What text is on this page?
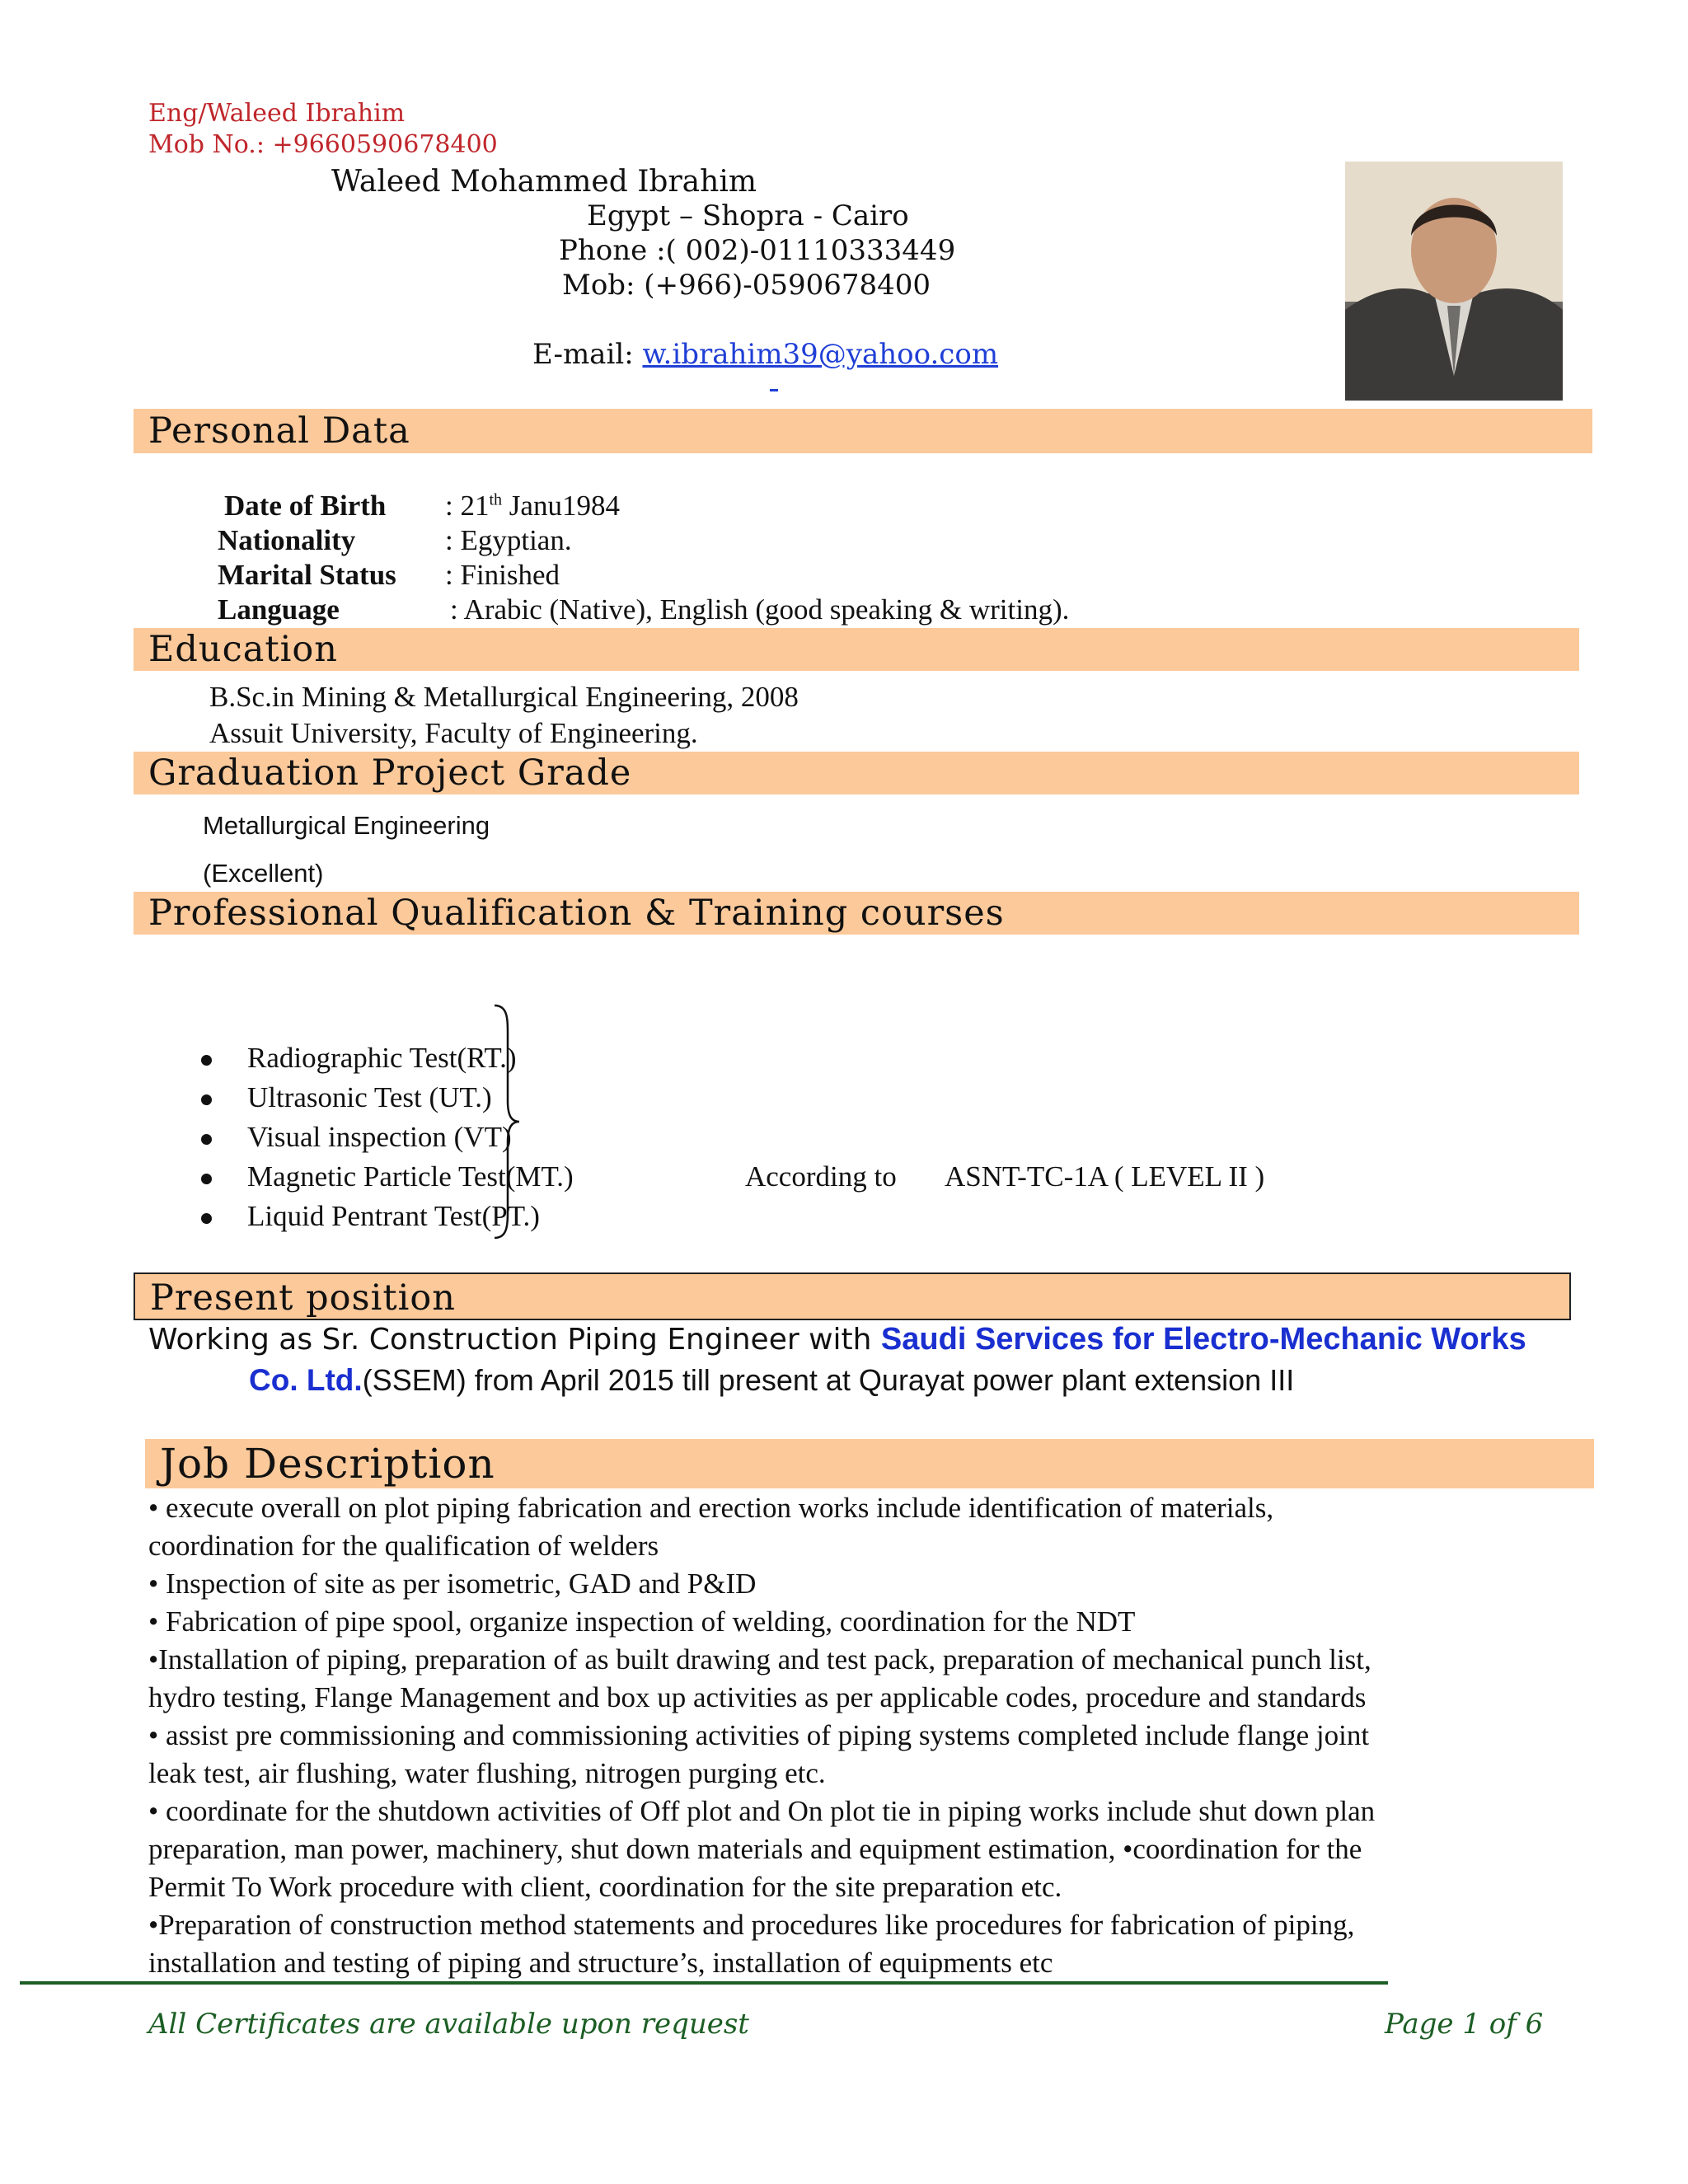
Eng/Waleed Ibrahim
Mob No.: +9660590678400
Waleed Mohammed Ibrahim
Egypt – Shopra - Cairo
Phone :( 002)-01110333449
Mob: (+966)-0590678400
E-mail: w.ibrahim39@yahoo.com
Personal Data
Date of Birth : 21th Janu1984
Nationality	: Egyptian.
Marital Status : Finished
Language	: Arabic (Native), English (good speaking & writing).
Education
B.Sc.in Mining & Metallurgical Engineering, 2008
Assuit University, Faculty of Engineering.
Graduation Project Grade
Metallurgical Engineering
(Excellent)
Professional Qualification & Training courses
Radiographic Test(RT.)
Ultrasonic Test (UT.)
Visual inspection (VT)
Magnetic Particle Test(MT.)
Liquid Pentrant Test(PT.)
According to ASNT-TC-1A ( LEVEL II )
Present position
Working as Sr. Construction Piping Engineer with Saudi Services for Electro-Mechanic Works
Co. Ltd.(SSEM) from April 2015 till present at Qurayat power plant extension III
Job Description
• execute overall on plot piping fabrication and erection works include identification of materials,
coordination for the qualification of welders
• Inspection of site as per isometric, GAD and P&ID
• Fabrication of pipe spool, organize inspection of welding, coordination for the NDT
•Installation of piping, preparation of as built drawing and test pack, preparation of mechanical punch list,
hydro testing, Flange Management and box up activities as per applicable codes, procedure and standards
• assist pre commissioning and commissioning activities of piping systems completed include flange joint
leak test, air flushing, water flushing, nitrogen purging etc.
• coordinate for the shutdown activities of Off plot and On plot tie in piping works include shut down plan
preparation, man power, machinery, shut down materials and equipment estimation, •coordination for the
Permit To Work procedure with client, coordination for the site preparation etc.
•Preparation of construction method statements and procedures like procedures for fabrication of piping,
installation and testing of piping and structure’s, installation of equipments etc
All Certificates are available upon request	Page 1 of 6
